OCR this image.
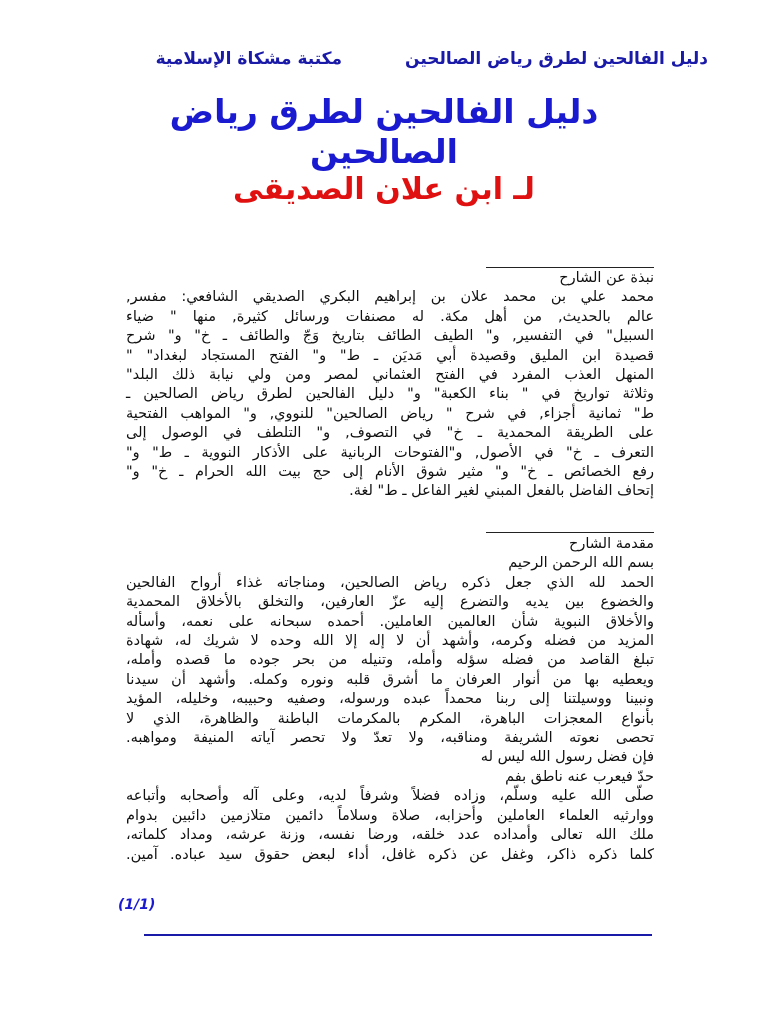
دليل الفالحين لطرق رياض الصالحين مكتبة مشكاة الإسلامية
دليل الفالحين لطرق رياض
الصالحين
لـ ابن علان الصديقى
نبذة عن الشارح
محمد علي بن محمد علان بن إبراهيم البكري الصديقي الشافعي: مفسر,
عالم بالحديث, من أهل مكة. له مصنفات ورسائل كثيرة, منها " ضياء
السبيل" في التفسير, و" الطيف الطائف بتاريخ وَجّ والطائف ـ خ" و" شرح
قصيدة ابن المليق وقصيدة أبي مَديَن ـ ط" و" الفتح المستجاد لبغداد" "
المنهل العذب المفرد في الفتح العثماني لمصر ومن ولي نيابة ذلك البلد"
وثلاثة تواريخ في " بناء الكعبة" و" دليل الفالحين لطرق رياض الصالحين ـ
ط" ثمانية أجزاء, في شرح " رياض الصالحين" للنووي, و" المواهب الفتحية
على الطريقة المحمدية ـ خ" في التصوف, و" التلطف في الوصول إلى
التعرف ـ خ" في الأصول, و"الفتوحات الربانية على الأذكار النووية ـ ط" و"
رفع الخصائص ـ خ" و" مثير شوق الأنام إلى حج بيت الله الحرام ـ خ" و"
إتحاف الفاضل بالفعل المبني لغير الفاعل ـ ط" لغة.
مقدمة الشارح
بسم الله الرحمن الرحيم
الحمد لله الذي جعل ذكره رياض الصالحين، ومناجاته غذاء أرواح الفالحين
والخضوع بين يديه والتضرع إليه عزّ العارفين، والتخلق بالأخلاق المحمدية
والأخلاق النبوية شأن العالمين العاملين. أحمده سبحانه على نعمه، وأسأله
المزيد من فضله وكرمه، وأشهد أن لا إله إلا الله وحده لا شريك له، شهادة
تبلغ القاصد من فضله سؤله وأمله، وتنيله من بحر جوده ما قصده وأمله،
ويعطيه بها من أنوار العرفان ما أشرق قلبه ونوره وكمله. وأشهد أن سيدنا
ونبينا ووسيلتنا إلى ربنا محمداً عبده ورسوله، وصفيه وحبيبه، وخليله، المؤيد
بأنواع المعجزات الباهرة، المكرم بالمكرمات الباطنة والظاهرة، الذي لا
تحصى نعوته الشريفة ومناقبه، ولا تعدّ ولا تحصر آياته المنيفة ومواهبه.
فإن فضل رسول الله ليس له
حدّ فيعرب عنه ناطق بفم
صلّى الله عليه وسلّم، وزاده فضلاً وشرفاً لديه، وعلى آله وأصحابه وأتباعه
ووارثيه العلماء العاملين وأحزابه، صلاة وسلاماً دائمين متلازمين دائبين بدوام
ملك الله تعالى وأمداده عدد خلقه، ورضا نفسه، وزنة عرشه، ومداد كلماته،
كلما ذكره ذاكر، وغفل عن ذكره غافل، أداء لبعض حقوق سيد عباده. آمين.
(1/1)
